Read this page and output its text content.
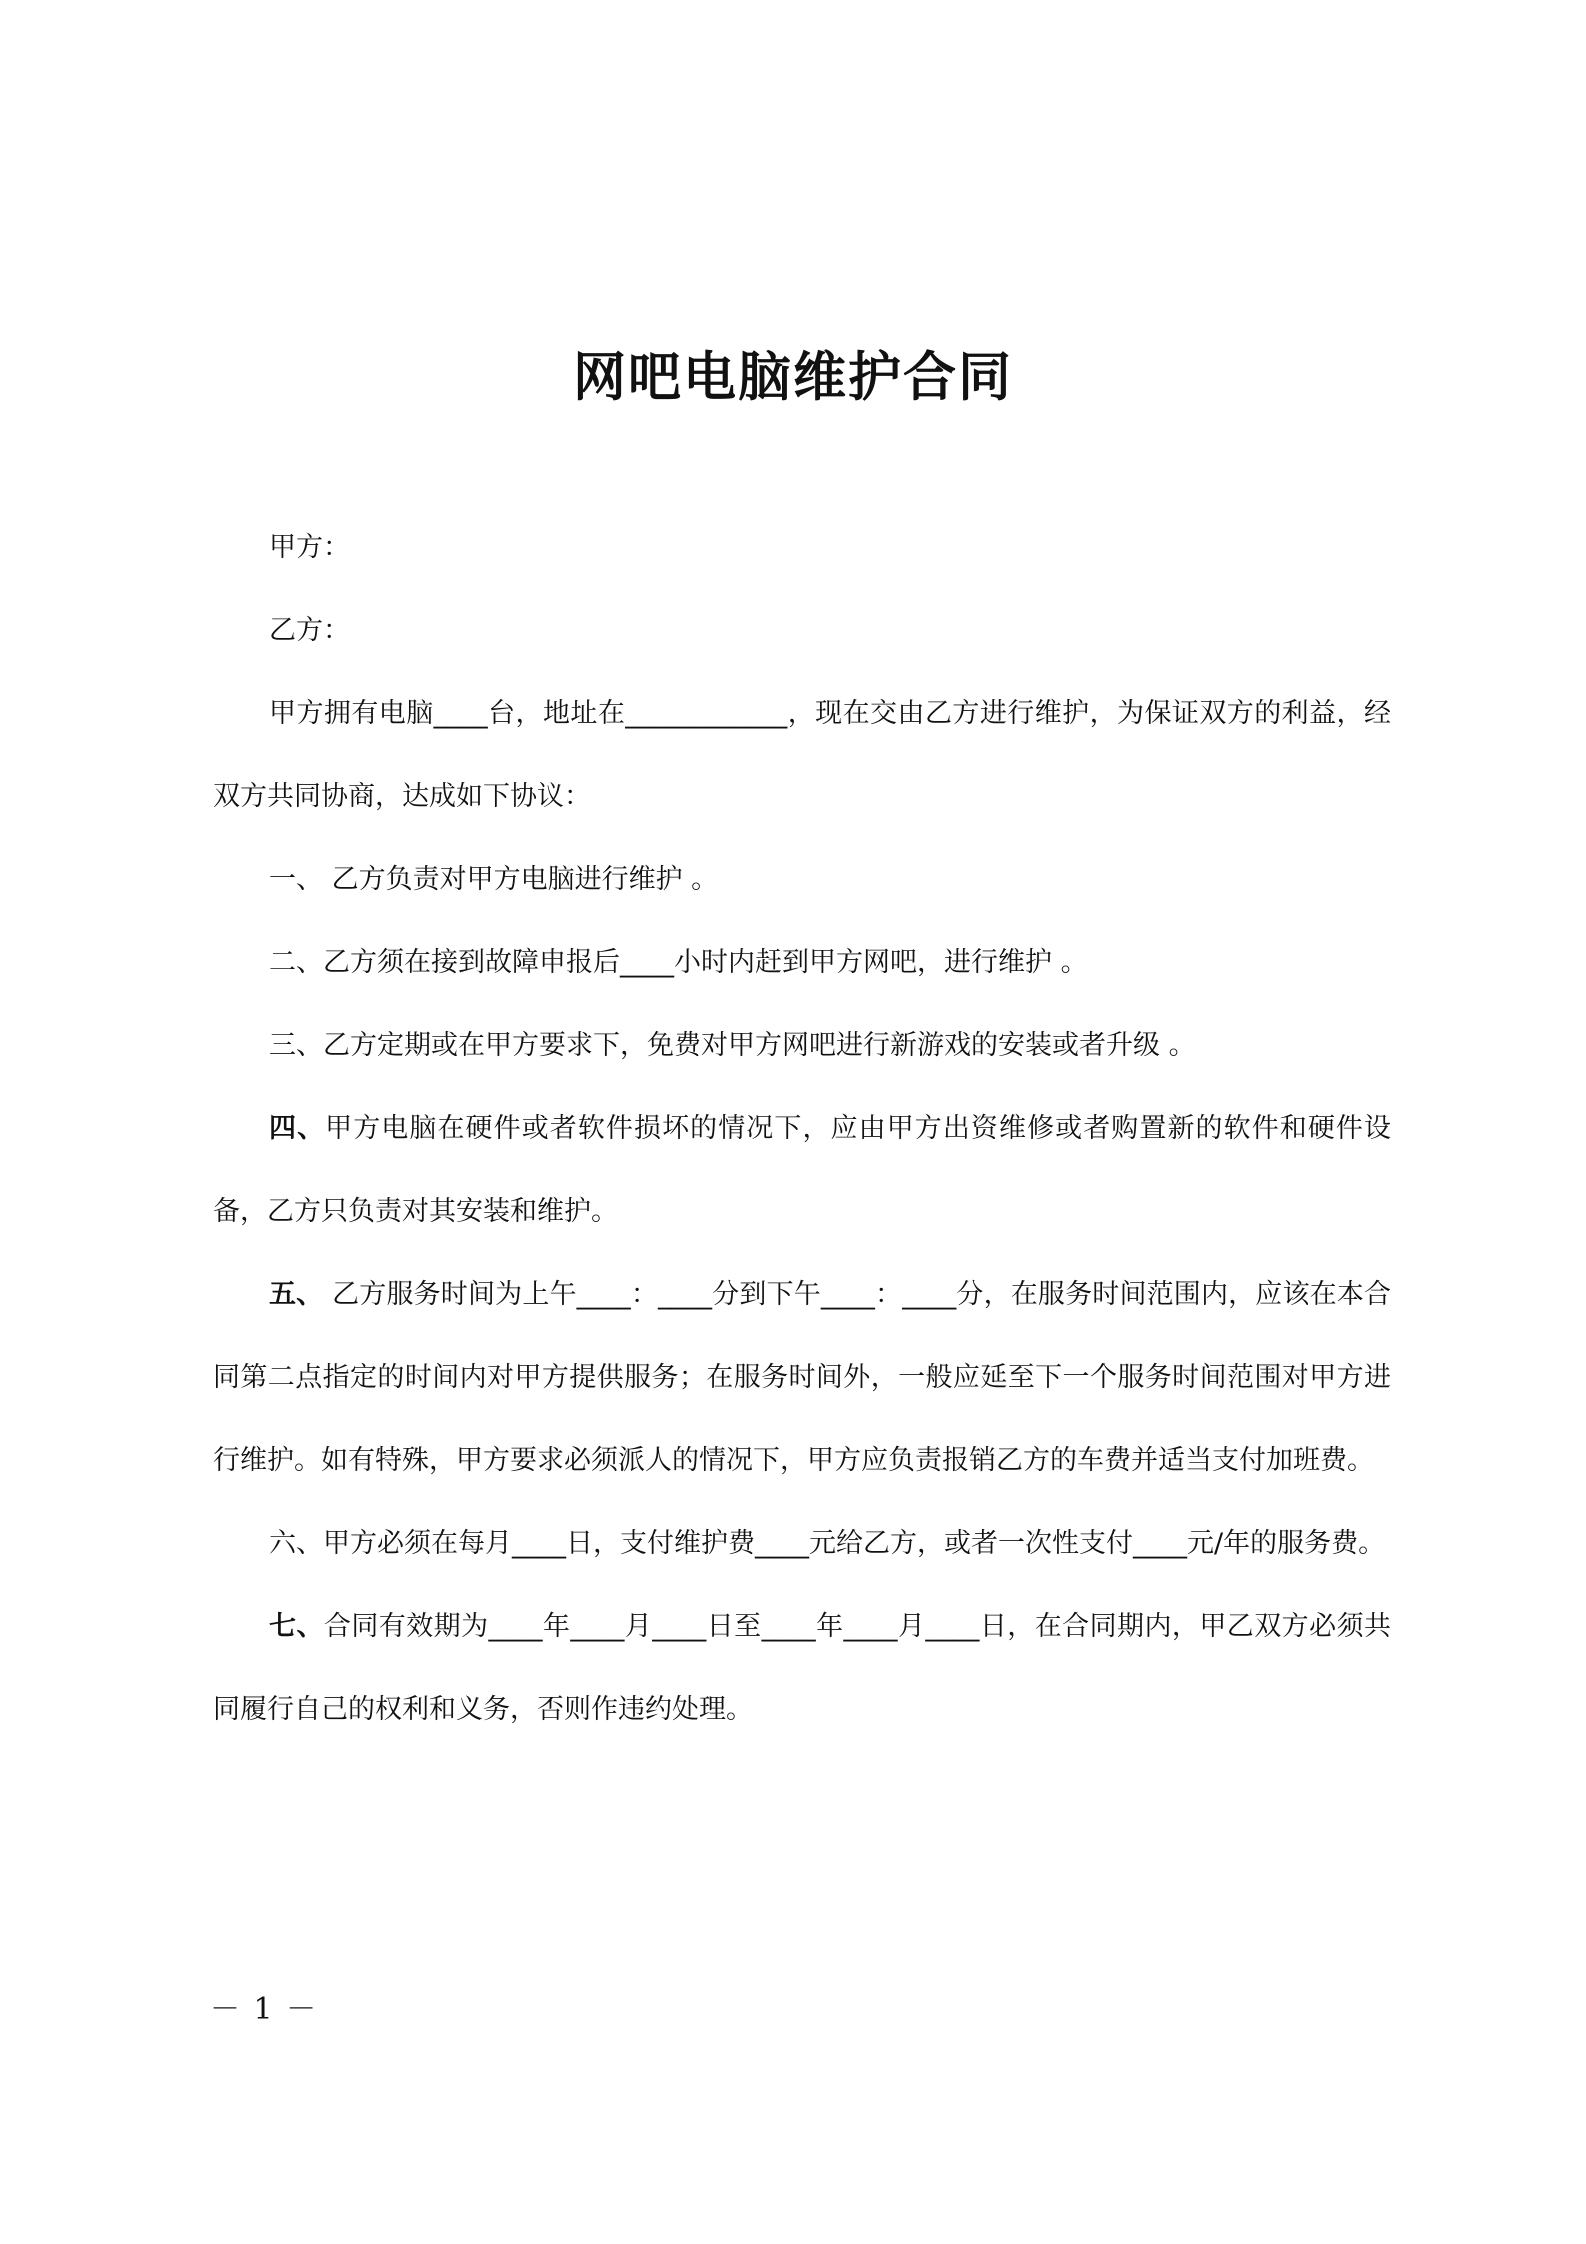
网吧电脑维护合同

甲方：

乙方：

甲方拥有电脑____台，地址在____________，现在交由乙方进行维护，为保证双方的利益，经双方共同协商，达成如下协议：

一、 乙方负责对甲方电脑进行维护 。

二、乙方须在接到故障申报后____小时内赶到甲方网吧，进行维护 。

三、乙方定期或在甲方要求下，免费对甲方网吧进行新游戏的安装或者升级 。

四、甲方电脑在硬件或者软件损坏的情况下，应由甲方出资维修或者购置新的软件和硬件设备，乙方只负责对其安装和维护。

五、 乙方服务时间为上午____：____分到下午____：____分，在服务时间范围内，应该在本合同第二点指定的时间内对甲方提供服务；在服务时间外，一般应延至下一个服务时间范围对甲方进行维护。如有特殊，甲方要求必须派人的情况下，甲方应负责报销乙方的车费并适当支付加班费。

六、甲方必须在每月____日，支付维护费____元给乙方，或者一次性支付____元/年的服务费。

七、合同有效期为____年____月____日至____年____月____日，在合同期内，甲乙双方必须共同履行自己的权利和义务，否则作违约处理。

－ 1 －
